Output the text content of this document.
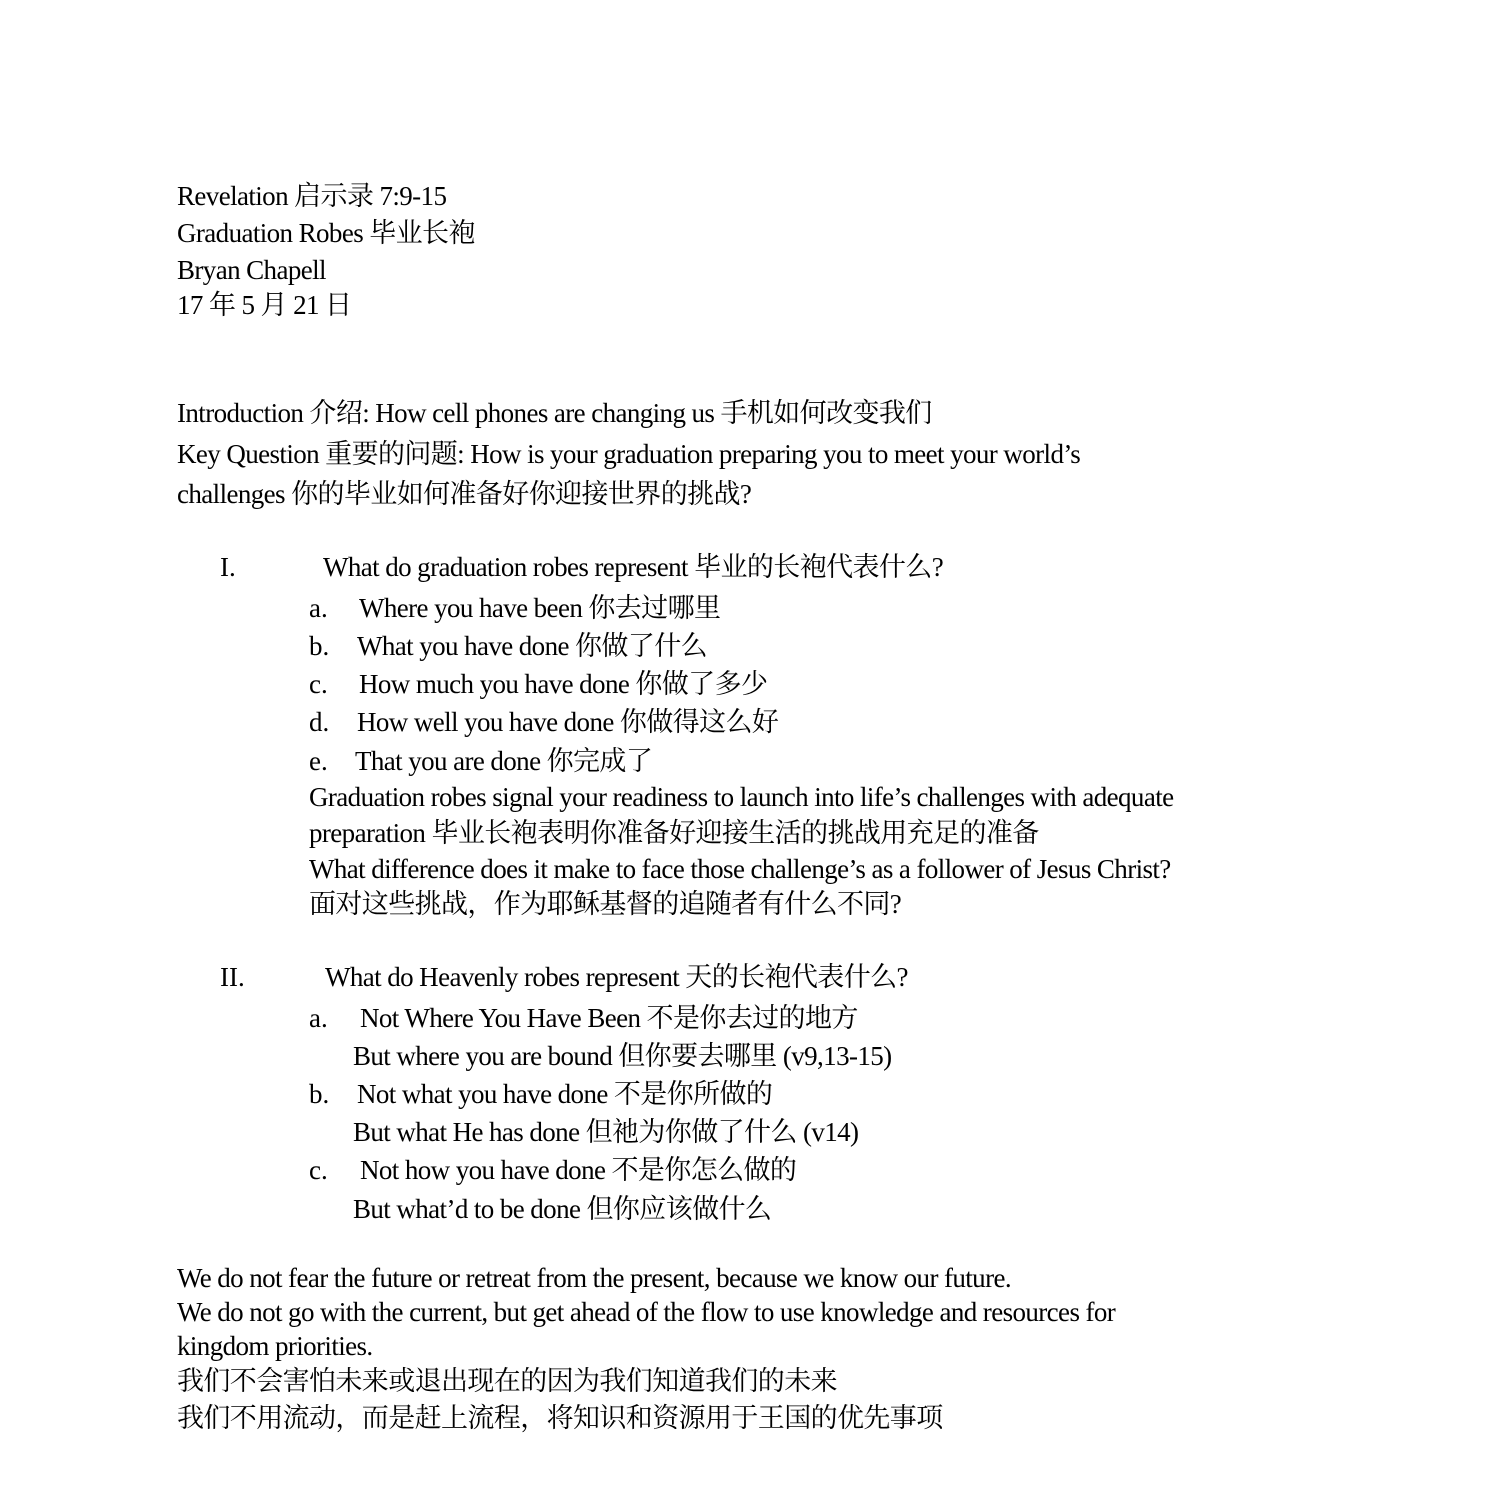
Revelation 启示录 7:9-15
Graduation Robes 毕业长袍
Bryan Chapell
17 年 5 月 21 日
Introduction 介绍: How cell phones are changing us 手机如何改变我们
Key Question 重要的问题: How is your graduation preparing you to meet your world’s
challenges 你的毕业如何准备好你迎接世界的挑战?
I.	What do graduation robes represent 毕业的长袍代表什么?
a. Where you have been 你去过哪里
b. What you have done 你做了什么
c. How much you have done 你做了多少
d. How well you have done 你做得这么好
e. That you are done 你完成了
Graduation robes signal your readiness to launch into life’s challenges with adequate
preparation 毕业长袍表明你准备好迎接生活的挑战用充足的准备
What difference does it make to face those challenge’s as a follower of Jesus Christ?
面对这些挑战，作为耶稣基督的追随者有什么不同?
II.	What do Heavenly robes represent 天的长袍代表什么?
a. Not Where You Have Been 不是你去过的地方
But where you are bound 但你要去哪里 (v9,13-15)
b. Not what you have done 不是你所做的
But what He has done 但祂为你做了什么 (v14)
c. Not how you have done 不是你怎么做的
But what’d to be done 但你应该做什么
We do not fear the future or retreat from the present, because we know our future.
We do not go with the current, but get ahead of the flow to use knowledge and resources for
kingdom priorities.
我们不会害怕未来或退出现在的因为我们知道我们的未来
我们不用流动，而是赶上流程，将知识和资源用于王国的优先事项
